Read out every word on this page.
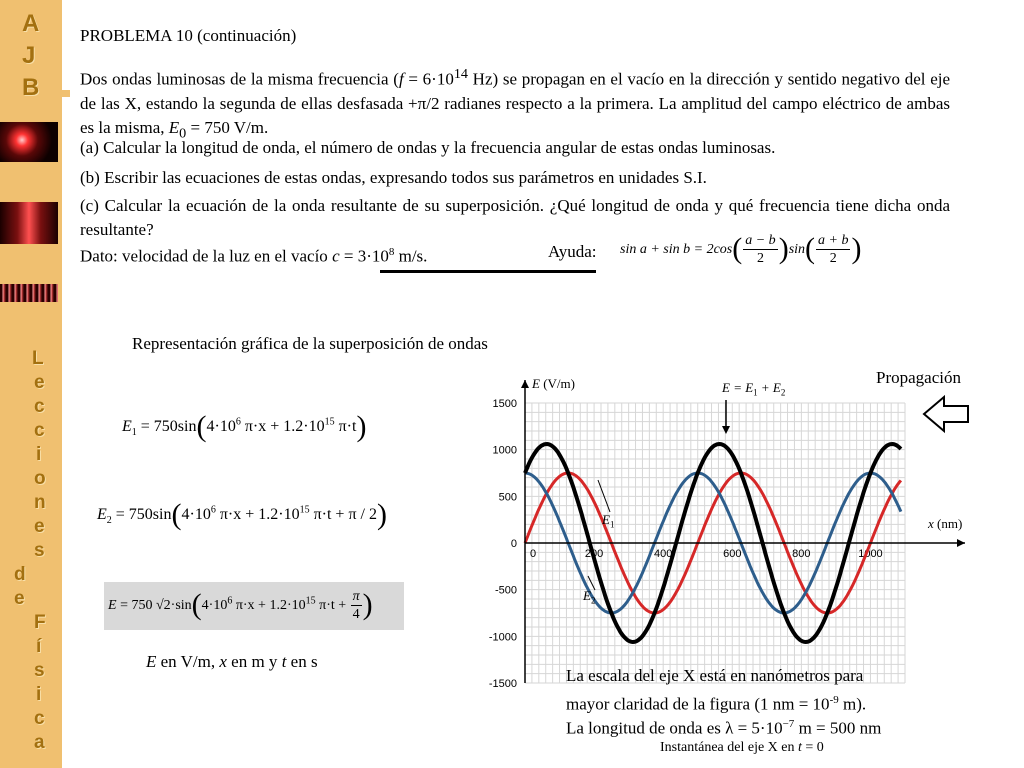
A
J
B
L
e
c
c
i
o
n
e
s
d
e
F
í
s
i
c
a
PROBLEMA 10 (continuación)
Dos ondas luminosas de la misma frecuencia ($f = 6\cdot 10^{14}$ Hz) se propagan en el vacío en la dirección y sentido negativo del eje de las X, estando la segunda de ellas desfasada +π/2 radianes respecto a la primera. La amplitud del campo eléctrico de ambas es la misma, $E_0 = 750$ V/m.
(a) Calcular la longitud de onda, el número de ondas y la frecuencia angular de estas ondas luminosas.
(b) Escribir las ecuaciones de estas ondas, expresando todos sus parámetros en unidades S.I.
(c) Calcular la ecuación de la onda resultante de su superposición. ¿Qué longitud de onda y qué frecuencia tiene dicha onda resultante?
Dato: velocidad de la luz en el vacío $c = 3\cdot 10^8$ m/s.	Ayuda: $\sin a + \sin b = 2\cos( \frac{a - b}{2} )\sin( \frac{a + b}{2}$ )
Representación gráfica de la superposición de ondas
$E_1 = 750\sin(4\cdot 10^6$ $\pi\cdot x + 1.2\cdot 10^{15}$ π·t)
$E_2 = 750\sin(4\cdot 10^6$ $\pi\cdot x + 1.2\cdot 10^{15}$ π·t + π / 2)
E = 750 $√2\cdot\sin(4\cdot 10^6$ $\pi\cdot x + 1.2\cdot 10^{15}$ $\pi\cdot t + \frac{\pi}{4}$ )
E en V/m, x en m y t en s
Propagación
1500
1000
500
0
-500
-1000
-1500
200	400	600	800	1000
0
E (V/m)	$E = E_1 + E_2$
$E_1$
$E_2$
x (nm)
La escala del eje X está en nanómetros para
mayor claridad de la figura (1 nm = $10^{-9}$ m).
La longitud de onda es $\lambda = 5\cdot 10^{-7}$ m = 500 nm
Instantánea del eje X en t = 0
